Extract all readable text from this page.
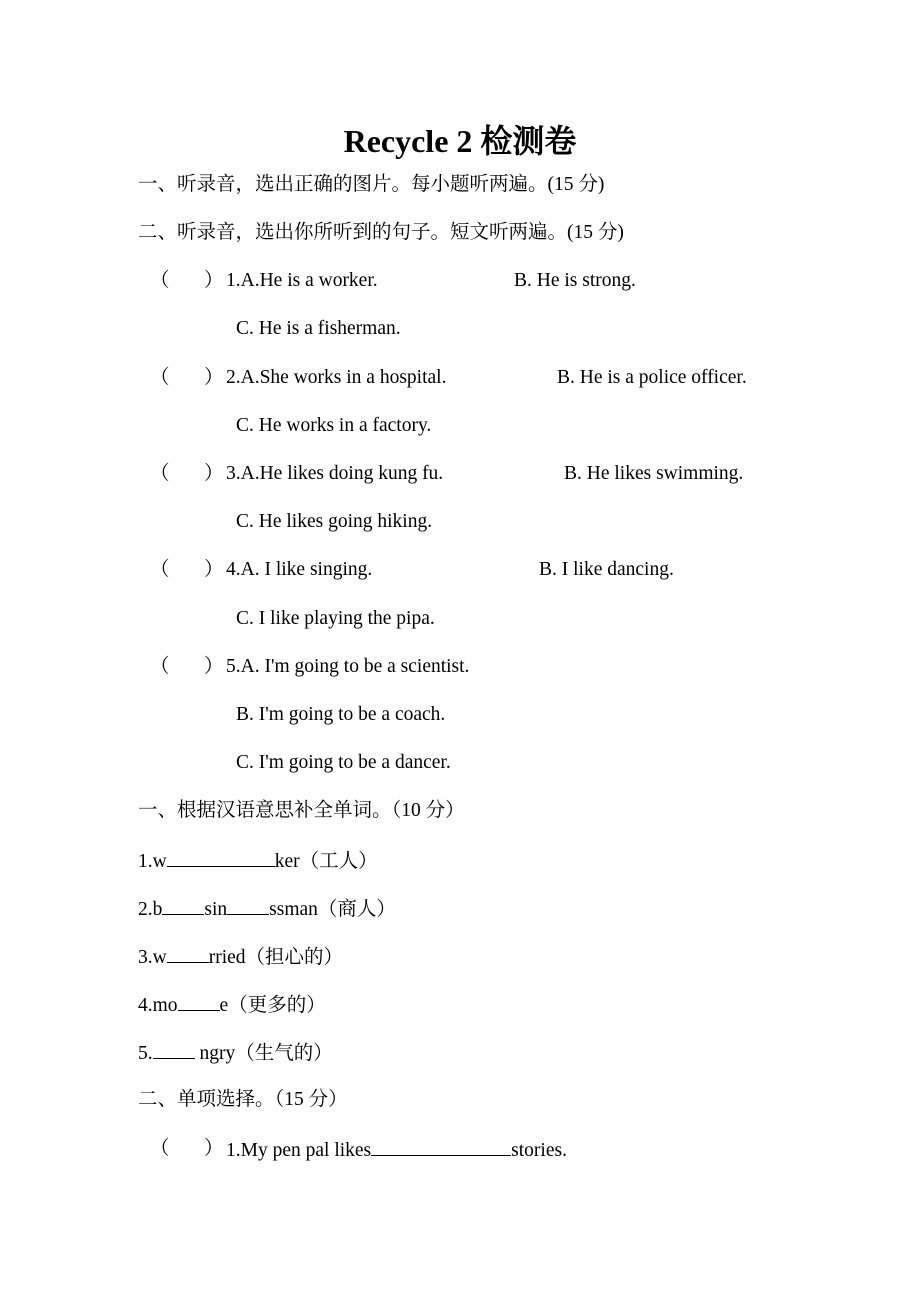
Recycle 2 检测卷
一、听录音，选出正确的图片。每小题听两遍。(15 分)
二、听录音，选出你所听到的句子。短文听两遍。(15 分)
（ ） 1.A.He is a worker.	B. He is strong.
C. He is a fisherman.
（ ） 2.A.She works in a hospital.	B. He is a police officer.
C. He works in a factory.
（ ） 3.A.He likes doing kung fu.	B. He likes swimming.
C. He likes going hiking.
（ ） 4.A. I like singing.	B. I like dancing.
C. I like playing the pipa.
（ ） 5.A. I'm going to be a scientist.
B. I'm going to be a coach.
C. I'm going to be a dancer.
一、根据汉语意思补全单词。（10 分）
1.w	ker（工人）
2.b sin ssman（商人）
3.w rried（担心的）
4.mo e（更多的）
5. ngry（生气的）
二、单项选择。（15 分）
（ ） 1.My pen pal likes	stories.
